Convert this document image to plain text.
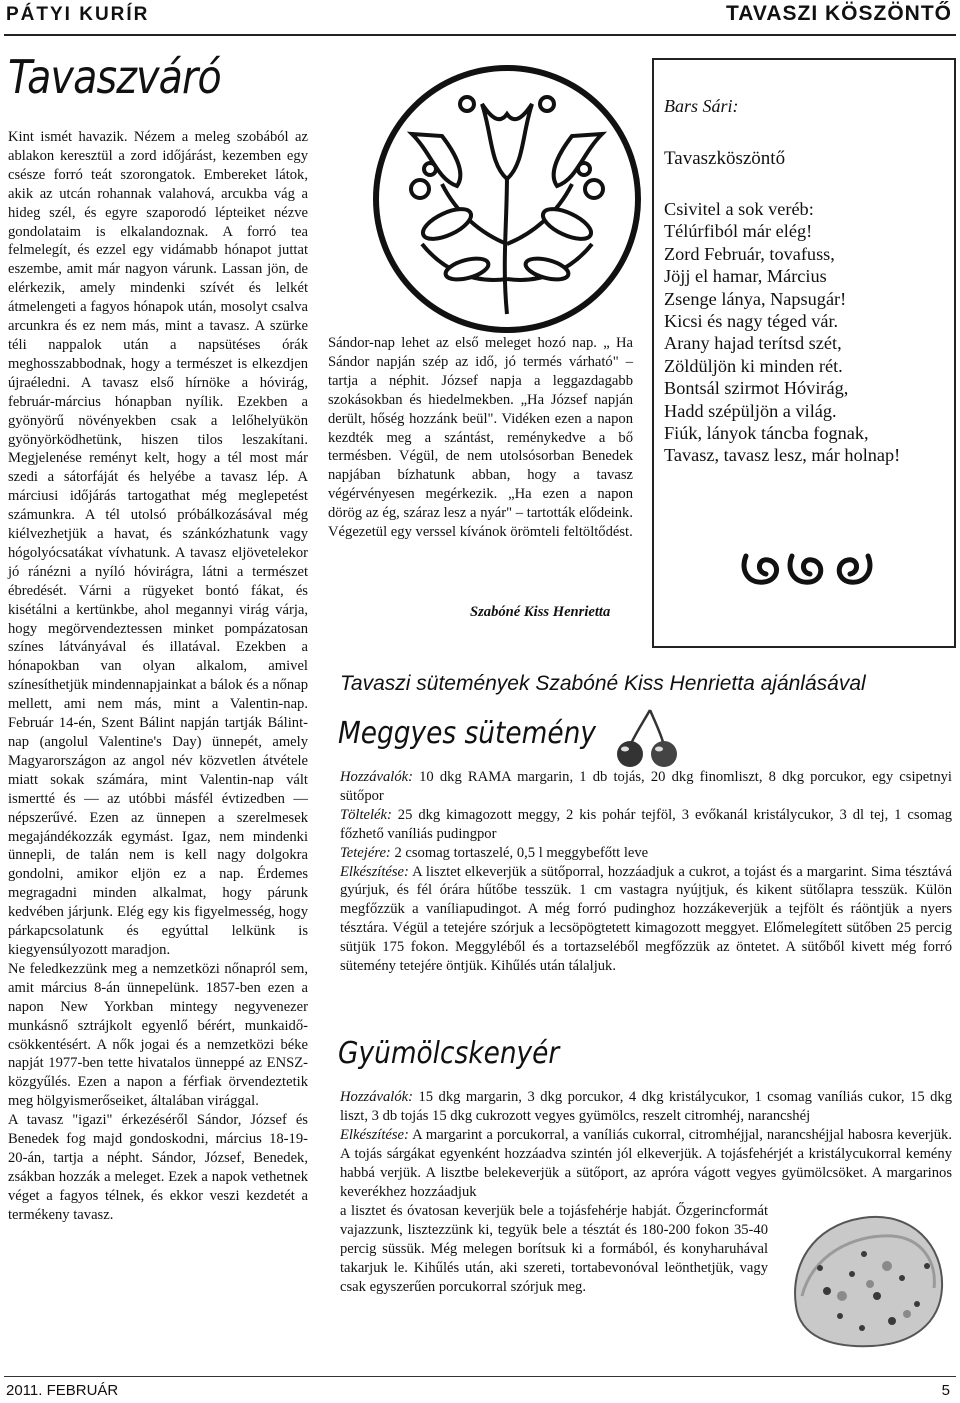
PÁTYI KURÍR	TAVASZI KÖSZÖNTŐ
Tavaszváró

Kint ismét havazik. Nézem a meleg szobából az ablakon keresztül a zord időjárást, kezemben egy csésze forró teát szorongatok. Embereket látok, akik az utcán rohannak valahová, arcukba vág a hideg szél, és egyre szaporodó lépteiket nézve gondolataim is elkalandoznak. A forró tea felmelegít, és ezzel egy vidámabb hónapot juttat eszembe, amit már nagyon várunk. Lassan jön, de elérkezik, amely mindenki szívét és lelkét átmelengeti a fagyos hónapok után, mosolyt csalva arcunkra és ez nem más, mint a tavasz. A szürke téli nappalok után a napsütéses órák meghosszabbodnak, hogy a természet is elkezdjen újraéledni. A tavasz első hírnöke a hóvirág, február-március hónapban nyílik. Ezekben a gyönyörű növényekben csak a lelőhelyükön gyönyörködhetünk, hiszen tilos leszakítani. Megjelenése reményt kelt, hogy a tél most már szedi a sátorfáját és helyébe a tavasz lép. A márciusi időjárás tartogathat még meglepetést számunkra. A tél utolsó próbálkozásával még kiélvezhetjük a havat, és szánkózhatunk vagy hógolyócsatákat vívhatunk. A tavasz eljövetelekor jó ránézni a nyíló hóvirágra, látni a természet ébredését. Várni a rügyeket bontó fákat, és kisétálni a kertünkbe, ahol megannyi virág várja, hogy megörvendeztessen minket pompázatosan színes látványával és illatával. Ezekben a hónapokban van olyan alkalom, amivel színesíthetjük mindennapjainkat a bálok és a nőnap mellett, ami nem más, mint a Valentin-nap. Február 14-én, Szent Bálint napján tartják Bálint-nap (angolul Valentine's Day) ünnepét, amely Magyarországon az angol név közvetlen átvétele miatt sokak számára, mint Valentin-nap vált ismertté és — az utóbbi másfél évtizedben — népszerűvé. Ezen az ünnepen a szerelmesek megajándékozzák egymást. Igaz, nem mindenki ünnepli, de talán nem is kell nagy dolgokra gondolni, amikor eljön ez a nap. Érdemes megragadni minden alkalmat, hogy párunk kedvében járjunk. Elég egy kis figyelmesség, hogy párkapcsolatunk és egyúttal lelkünk is kiegyensúlyozott maradjon.

Ne feledkezzünk meg a nemzetközi nőnapról sem, amit március 8-án ünnepelünk. 1857-ben ezen a napon New Yorkban mintegy negyvenezer munkásnő sztrájkolt egyenlő bérért, munkaidő-csökkentésért. A nők jogai és a nemzetközi béke napját 1977-ben tette hivatalos ünneppé az ENSZ-közgyűlés. Ezen a napon a férfiak örvendeztetik meg hölgyismerőseiket, általában virággal.

A tavasz "igazi" érkezéséről Sándor, József és Benedek fog majd gondoskodni, március 18-19-20-án, tartja a népht. Sándor, József, Benedek, zsákban hozzák a meleget. Ezek a napok vethetnek véget a fagyos télnek, és ekkor veszi kezdetét a termékeny tavasz.

Sándor-nap lehet az első meleget hozó nap. „ Ha Sándor napján szép az idő, jó termés várható" – tartja a néphit. József napja a leggazdagabb szokásokban és hiedelmekben. „Ha József napján derült, hőség hozzánk beül". Vidéken ezen a napon kezdték meg a szántást, reménykedve a bő termésben. Végül, de nem utolsósorban Benedek napjában bízhatunk abban, hogy a tavasz végérvényesen megérkezik. „Ha ezen a napon dörög az ég, száraz lesz a nyár" – tartották elődeink. Végezetül egy verssel kívánok örömteli feltöltődést.

Szabóné Kiss Henrietta
Bars Sári:
Tavaszköszöntő
Csivitel a sok veréb:
Télúrfiból már elég!
Zord Február, tovafuss,
Jöjj el hamar, Március
Zsenge lánya, Napsugár!
Kicsi és nagy téged vár.
Arany hajad terítsd szét,
Zöldüljön ki minden rét.
Bontsál szirmot Hóvirág,
Hadd szépüljön a világ.
Fiúk, lányok táncba fognak,
Tavasz, tavasz lesz, már holnap!
Tavaszi sütemények Szabóné Kiss Henrietta ajánlásával
Meggyes sütemény

Hozzávalók: 10 dkg RAMA margarin, 1 db tojás, 20 dkg finomliszt, 8 dkg porcukor, egy csipetnyi sütőpor

Töltelék: 25 dkg kimagozott meggy, 2 kis pohár tejföl, 3 evőkanál kristálycukor, 3 dl tej, 1 csomag főzhető vaníliás pudingpor

Tetejére: 2 csomag tortaszelé, 0,5 l meggybefőtt leve

Elkészítése: A lisztet elkeverjük a sütőporral, hozzáadjuk a cukrot, a tojást és a margarint. Sima tésztává gyúrjuk, és fél órára hűtőbe tesszük. 1 cm vastagra nyújtjuk, és kikent sütőlapra tesszük. Külön megfőzzük a vaníliapudingot. A még forró pudinghoz hozzákeverjük a tejfölt és ráöntjük a nyers tésztára. Végül a tetejére szórjuk a lecsöpögtetett kimagozott meggyet. Előmelegített sütőben 25 percig sütjük 175 fokon. Meggyléből és a tortazseléből megfőzzük az öntetet. A sütőből kivett még forró sütemény tetejére öntjük. Kihűlés után tálaljuk.

Gyümölcskenyér

Hozzávalók: 15 dkg margarin, 3 dkg porcukor, 4 dkg kristálycukor, 1 csomag vaníliás cukor, 15 dkg liszt, 3 db tojás 15 dkg cukrozott vegyes gyümölcs, reszelt citromhéj, narancshéj

Elkészítése: A margarint a porcukorral, a vaníliás cukorral, citromhéjjal, narancshéjjal habosra keverjük. A tojás sárgákat egyenként hozzáadva szintén jól elkeverjük. A tojásfehérjét a kristálycukorral kemény habbá verjük. A lisztbe belekeverjük a sütőport, az apróra vágott vegyes gyümölcsöket. A margarinos keverékhez hozzáadjuk

a lisztet és óvatosan keverjük bele a tojásfehérje habját. Őzgerincformát vajazzunk, lisztezzünk ki, tegyük bele a tésztát és 180-200 fokon 35-40 percig süssük. Még melegen borítsuk ki a formából, és konyharuhával takarjuk le. Kihűlés után, aki szereti, tortabevonóval leönthetjük, vagy csak egyszerűen porcukorral szórjuk meg.

2011. FEBRUÁR	5
